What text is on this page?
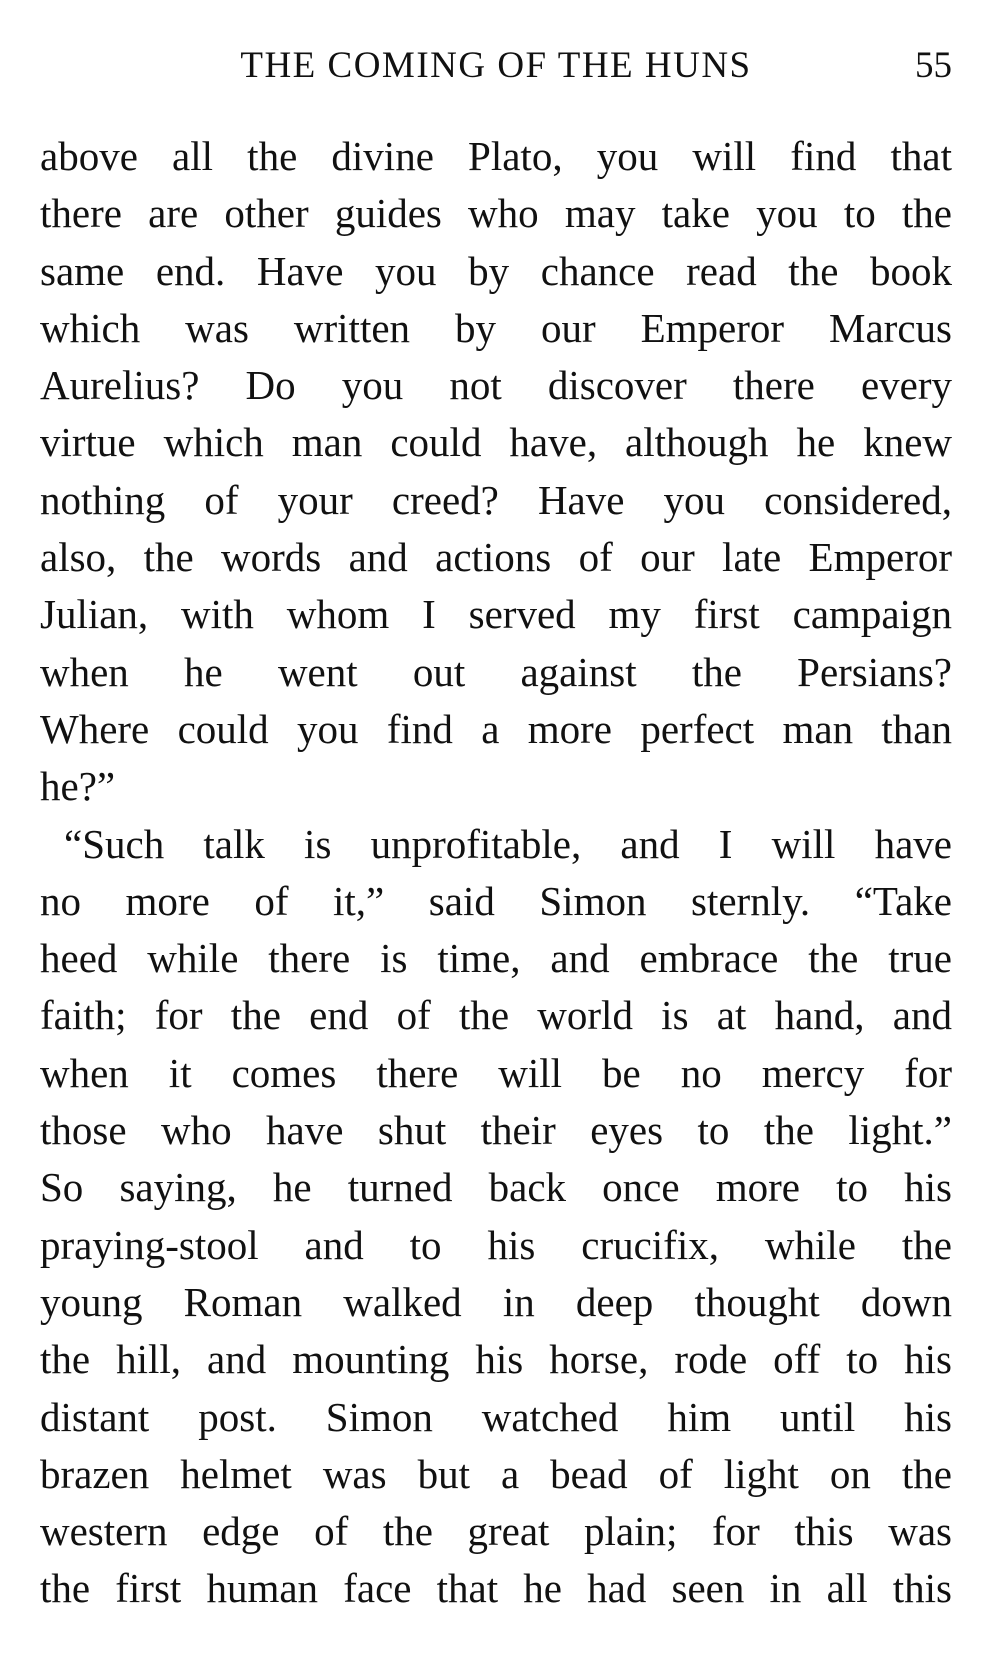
THE COMING OF THE HUNS	55
above all the divine Plato, you will find that
there are other guides who may take you to the
same end. Have you by chance read the book
which was written by our Emperor Marcus
Aurelius? Do you not discover there every
virtue which man could have, although he knew
nothing of your creed? Have you considered,
also, the words and actions of our late Emperor
Julian, with whom I served my first campaign
when he went out against the Persians?
Where could you find a more perfect man than
he?”
“Such talk is unprofitable, and I will have
no more of it,” said Simon sternly. “Take
heed while there is time, and embrace the true
faith; for the end of the world is at hand, and
when it comes there will be no mercy for
those who have shut their eyes to the light.”
So saying, he turned back once more to his
praying-stool and to his crucifix, while the
young Roman walked in deep thought down
the hill, and mounting his horse, rode off to his
distant post. Simon watched him until his
brazen helmet was but a bead of light on the
western edge of the great plain; for this was
the first human face that he had seen in all this
